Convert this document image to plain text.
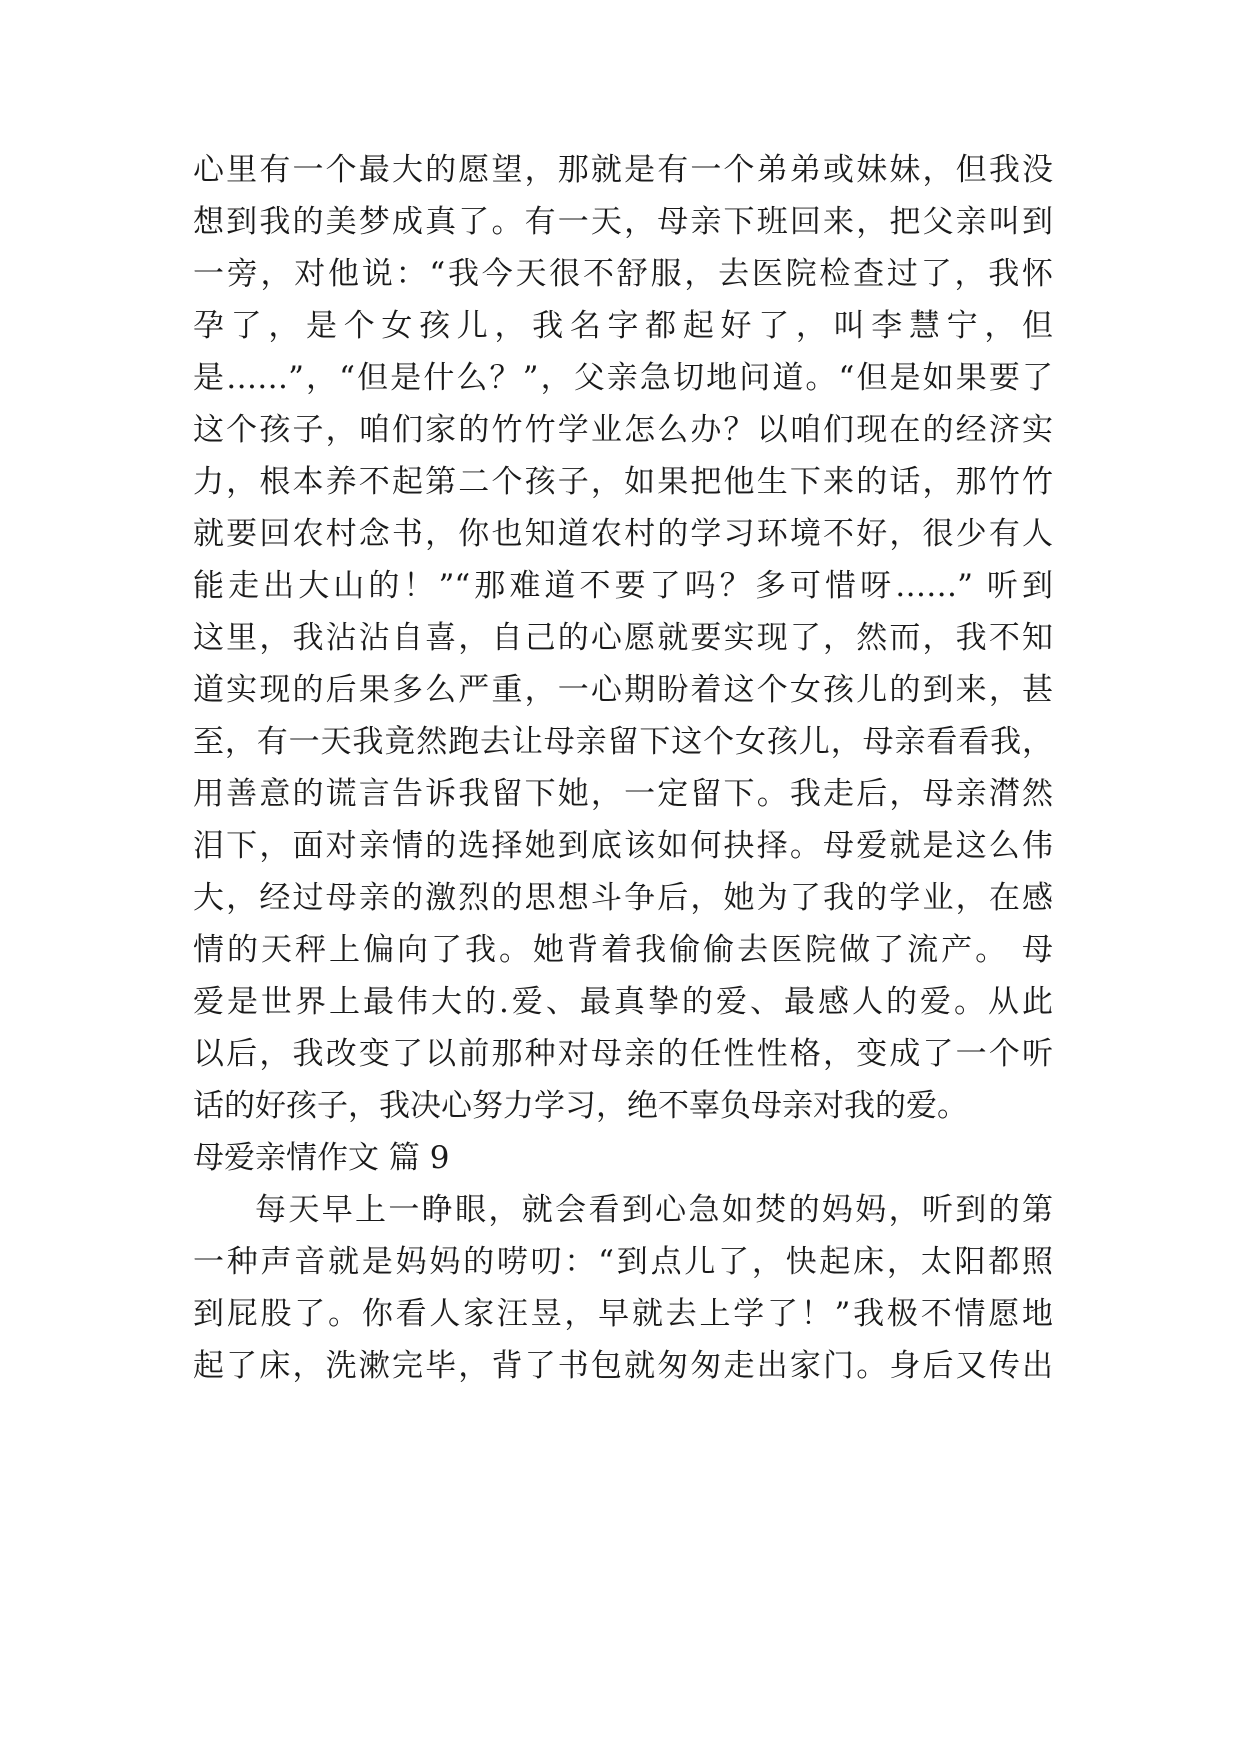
心里有一个最大的愿望，那就是有一个弟弟或妹妹，但我没
想到我的美梦成真了。有一天，母亲下班回来，把父亲叫到
一旁，对他说：“我今天很不舒服，去医院检查过了，我怀
孕了，是个女孩儿，我名字都起好了，叫李慧宁，但
是……”，“但是什么？”，父亲急切地问道。“但是如果要了
这个孩子，咱们家的竹竹学业怎么办？以咱们现在的经济实
力，根本养不起第二个孩子，如果把他生下来的话，那竹竹
就要回农村念书，你也知道农村的学习环境不好，很少有人
能走出大山的！”“那难道不要了吗？多可惜呀……” 听到
这里，我沾沾自喜，自己的心愿就要实现了，然而，我不知
道实现的后果多么严重，一心期盼着这个女孩儿的到来，甚
至，有一天我竟然跑去让母亲留下这个女孩儿，母亲看看我，
用善意的谎言告诉我留下她，一定留下。我走后，母亲潸然
泪下，面对亲情的选择她到底该如何抉择。母爱就是这么伟
大，经过母亲的激烈的思想斗争后，她为了我的学业，在感
情的天秤上偏向了我。她背着我偷偷去医院做了流产。 母
爱是世界上最伟大的.爱、最真挚的爱、最感人的爱。从此
以后，我改变了以前那种对母亲的任性性格，变成了一个听
话的好孩子，我决心努力学习，绝不辜负母亲对我的爱。
母爱亲情作文 篇 9
每天早上一睁眼，就会看到心急如焚的妈妈，听到的第
一种声音就是妈妈的唠叨：“到点儿了，快起床，太阳都照
到屁股了。你看人家汪昱，早就去上学了！”我极不情愿地
起了床，洗漱完毕，背了书包就匆匆走出家门。身后又传出
